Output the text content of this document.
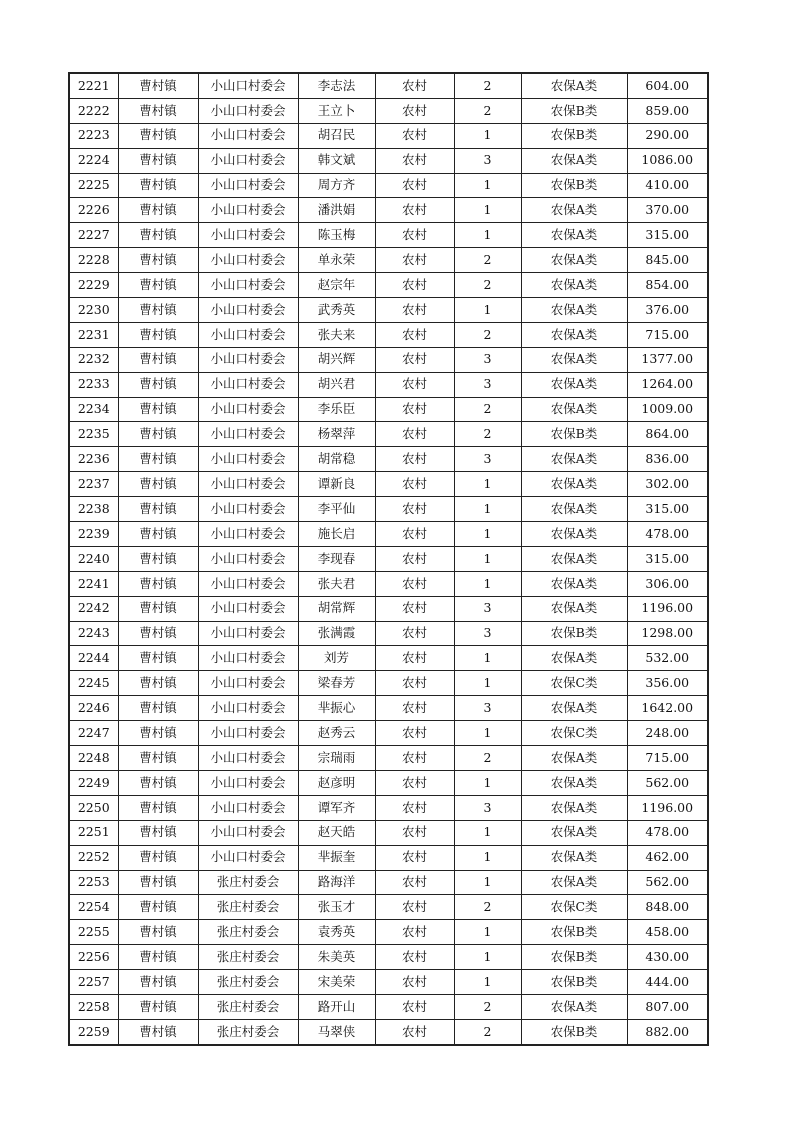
2221	曹村镇	小山口村委会	李志法	农村	2	农保A类	604.00
2222	曹村镇	小山口村委会	王立卜	农村	2	农保B类	859.00
2223	曹村镇	小山口村委会	胡召民	农村	1	农保B类	290.00
2224	曹村镇	小山口村委会	韩文斌	农村	3	农保A类	1086.00
2225	曹村镇	小山口村委会	周方齐	农村	1	农保B类	410.00
2226	曹村镇	小山口村委会	潘洪娟	农村	1	农保A类	370.00
2227	曹村镇	小山口村委会	陈玉梅	农村	1	农保A类	315.00
2228	曹村镇	小山口村委会	单永荣	农村	2	农保A类	845.00
2229	曹村镇	小山口村委会	赵宗年	农村	2	农保A类	854.00
2230	曹村镇	小山口村委会	武秀英	农村	1	农保A类	376.00
2231	曹村镇	小山口村委会	张夫来	农村	2	农保A类	715.00
2232	曹村镇	小山口村委会	胡兴辉	农村	3	农保A类	1377.00
2233	曹村镇	小山口村委会	胡兴君	农村	3	农保A类	1264.00
2234	曹村镇	小山口村委会	李乐臣	农村	2	农保A类	1009.00
2235	曹村镇	小山口村委会	杨翠萍	农村	2	农保B类	864.00
2236	曹村镇	小山口村委会	胡常稳	农村	3	农保A类	836.00
2237	曹村镇	小山口村委会	谭新良	农村	1	农保A类	302.00
2238	曹村镇	小山口村委会	李平仙	农村	1	农保A类	315.00
2239	曹村镇	小山口村委会	施长启	农村	1	农保A类	478.00
2240	曹村镇	小山口村委会	李现春	农村	1	农保A类	315.00
2241	曹村镇	小山口村委会	张夫君	农村	1	农保A类	306.00
2242	曹村镇	小山口村委会	胡常辉	农村	3	农保A类	1196.00
2243	曹村镇	小山口村委会	张满霞	农村	3	农保B类	1298.00
2244	曹村镇	小山口村委会	刘芳	农村	1	农保A类	532.00
2245	曹村镇	小山口村委会	梁春芳	农村	1	农保C类	356.00
2246	曹村镇	小山口村委会	芈振心	农村	3	农保A类	1642.00
2247	曹村镇	小山口村委会	赵秀云	农村	1	农保C类	248.00
2248	曹村镇	小山口村委会	宗瑞雨	农村	2	农保A类	715.00
2249	曹村镇	小山口村委会	赵彦明	农村	1	农保A类	562.00
2250	曹村镇	小山口村委会	谭军齐	农村	3	农保A类	1196.00
2251	曹村镇	小山口村委会	赵天皓	农村	1	农保A类	478.00
2252	曹村镇	小山口村委会	芈振奎	农村	1	农保A类	462.00
2253	曹村镇	张庄村委会	路海洋	农村	1	农保A类	562.00
2254	曹村镇	张庄村委会	张玉才	农村	2	农保C类	848.00
2255	曹村镇	张庄村委会	袁秀英	农村	1	农保B类	458.00
2256	曹村镇	张庄村委会	朱美英	农村	1	农保B类	430.00
2257	曹村镇	张庄村委会	宋美荣	农村	1	农保B类	444.00
2258	曹村镇	张庄村委会	路开山	农村	2	农保A类	807.00
2259	曹村镇	张庄村委会	马翠侠	农村	2	农保B类	882.00
